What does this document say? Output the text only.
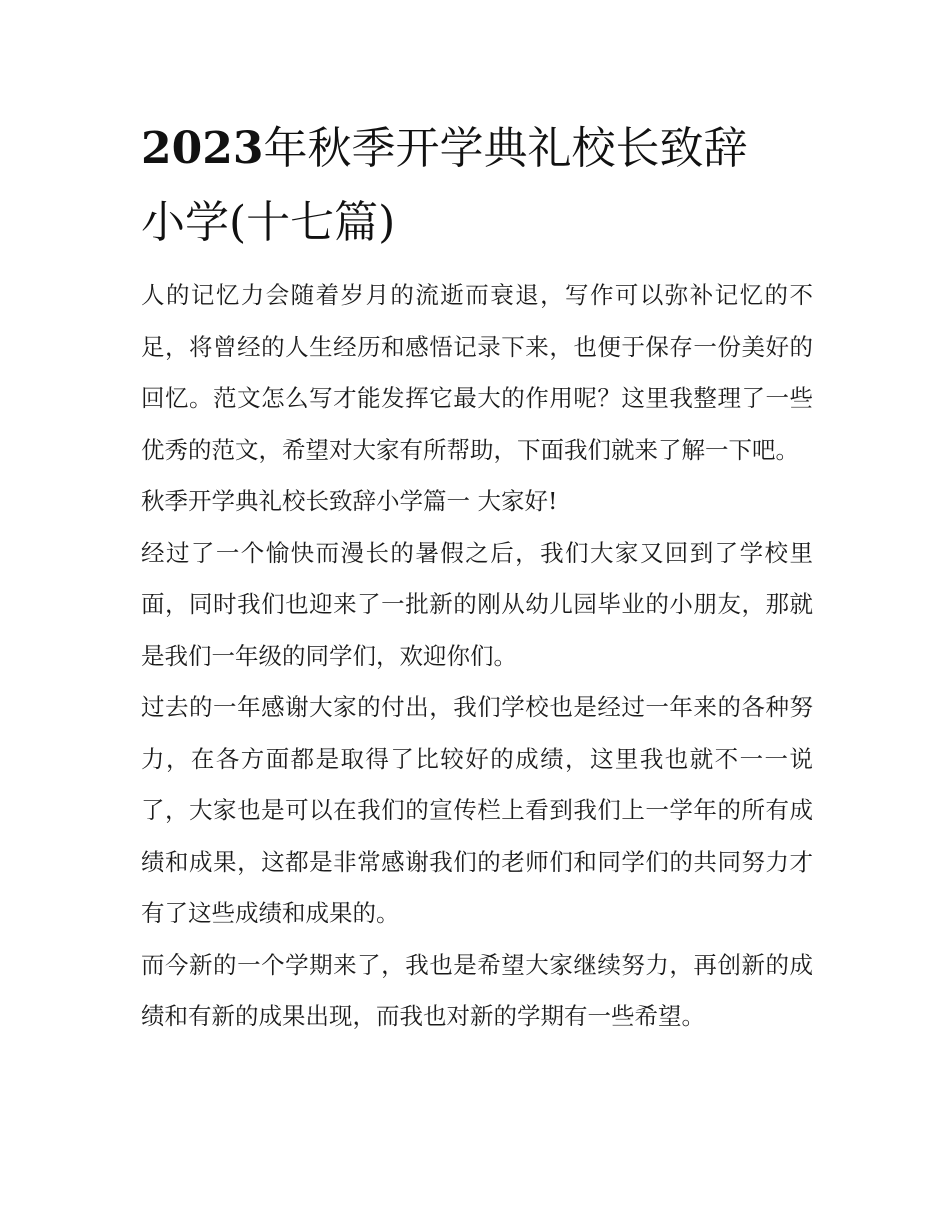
2023年秋季开学典礼校长致辞
小学(十七篇)

人的记忆力会随着岁月的流逝而衰退，写作可以弥补记忆的不足，将曾经的人生经历和感悟记录下来，也便于保存一份美好的回忆。范文怎么写才能发挥它最大的作用呢？这里我整理了一些优秀的范文，希望对大家有所帮助，下面我们就来了解一下吧。

秋季开学典礼校长致辞小学篇一 大家好!

经过了一个愉快而漫长的暑假之后，我们大家又回到了学校里面，同时我们也迎来了一批新的刚从幼儿园毕业的小朋友，那就是我们一年级的同学们，欢迎你们。

过去的一年感谢大家的付出，我们学校也是经过一年来的各种努力，在各方面都是取得了比较好的成绩，这里我也就不一一说了，大家也是可以在我们的宣传栏上看到我们上一学年的所有成绩和成果，这都是非常感谢我们的老师们和同学们的共同努力才有了这些成绩和成果的。

而今新的一个学期来了，我也是希望大家继续努力，再创新的成绩和有新的成果出现，而我也对新的学期有一些希望。
